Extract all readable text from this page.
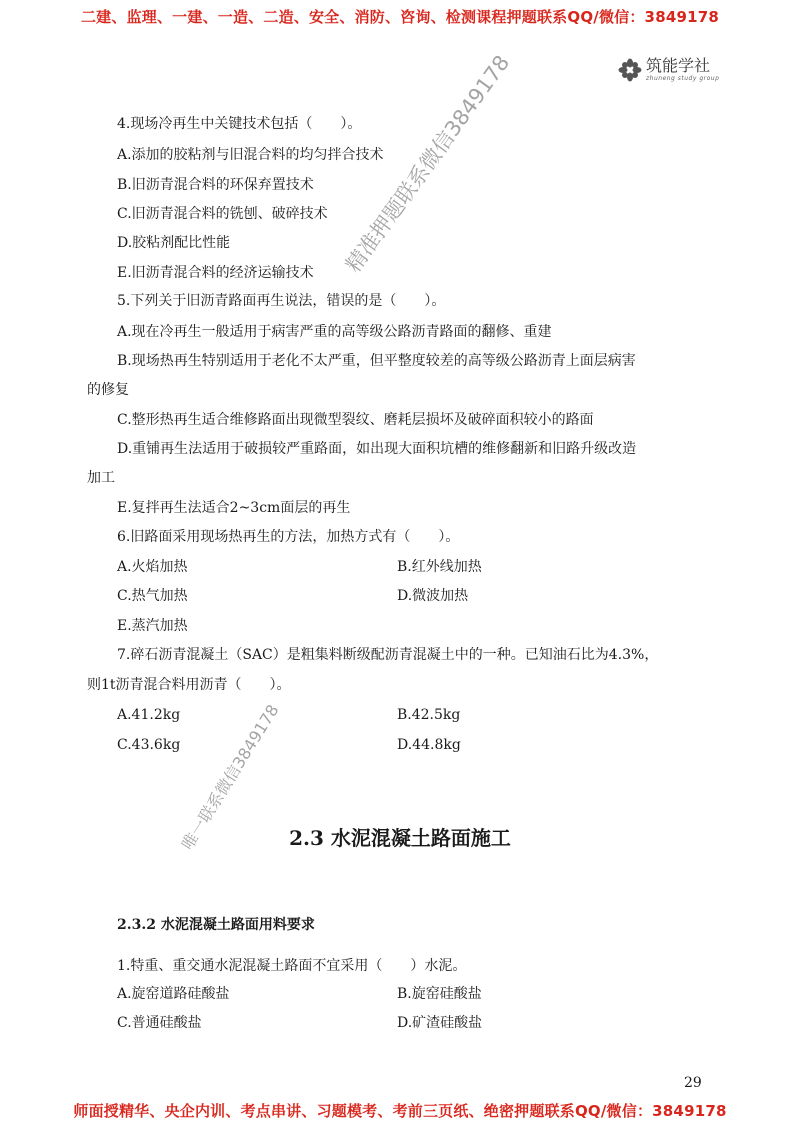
二建、监理、一建、一造、二造、安全、消防、咨询、检测课程押题联系QQ/微信：3849178
筑能学社
zhuneng study group
4.现场冷再生中关键技术包括（　　）。
A.添加的胶粘剂与旧混合料的均匀拌合技术
B.旧沥青混合料的环保弃置技术
C.旧沥青混合料的铣刨、破碎技术
D.胶粘剂配比性能
E.旧沥青混合料的经济运输技术
5.下列关于旧沥青路面再生说法，错误的是（　　）。
A.现在冷再生一般适用于病害严重的高等级公路沥青路面的翻修、重建
B.现场热再生特别适用于老化不太严重，但平整度较差的高等级公路沥青上面层病害
的修复
C.整形热再生适合维修路面出现微型裂纹、磨耗层损坏及破碎面积较小的路面
D.重铺再生法适用于破损较严重路面，如出现大面积坑槽的维修翻新和旧路升级改造
加工
E.复拌再生法适合2~3cm面层的再生
6.旧路面采用现场热再生的方法，加热方式有（　　）。
A.火焰加热	B.红外线加热
C.热气加热	D.微波加热
E.蒸汽加热
7.碎石沥青混凝土（SAC）是粗集料断级配沥青混凝土中的一种。已知油石比为4.3%，
则1t沥青混合料用沥青（　　）。
A.41.2kg	B.42.5kg
C.43.6kg	D.44.8kg
2.3 水泥混凝土路面施工
2.3.2 水泥混凝土路面用料要求
1.特重、重交通水泥混凝土路面不宜采用（　　）水泥。
A.旋窑道路硅酸盐	B.旋窑硅酸盐
C.普通硅酸盐	D.矿渣硅酸盐
29
师面授精华、央企内训、考点串讲、习题模考、考前三页纸、绝密押题联系QQ/微信：3849178
精准押题联系微信3849178
唯一联系微信3849178
